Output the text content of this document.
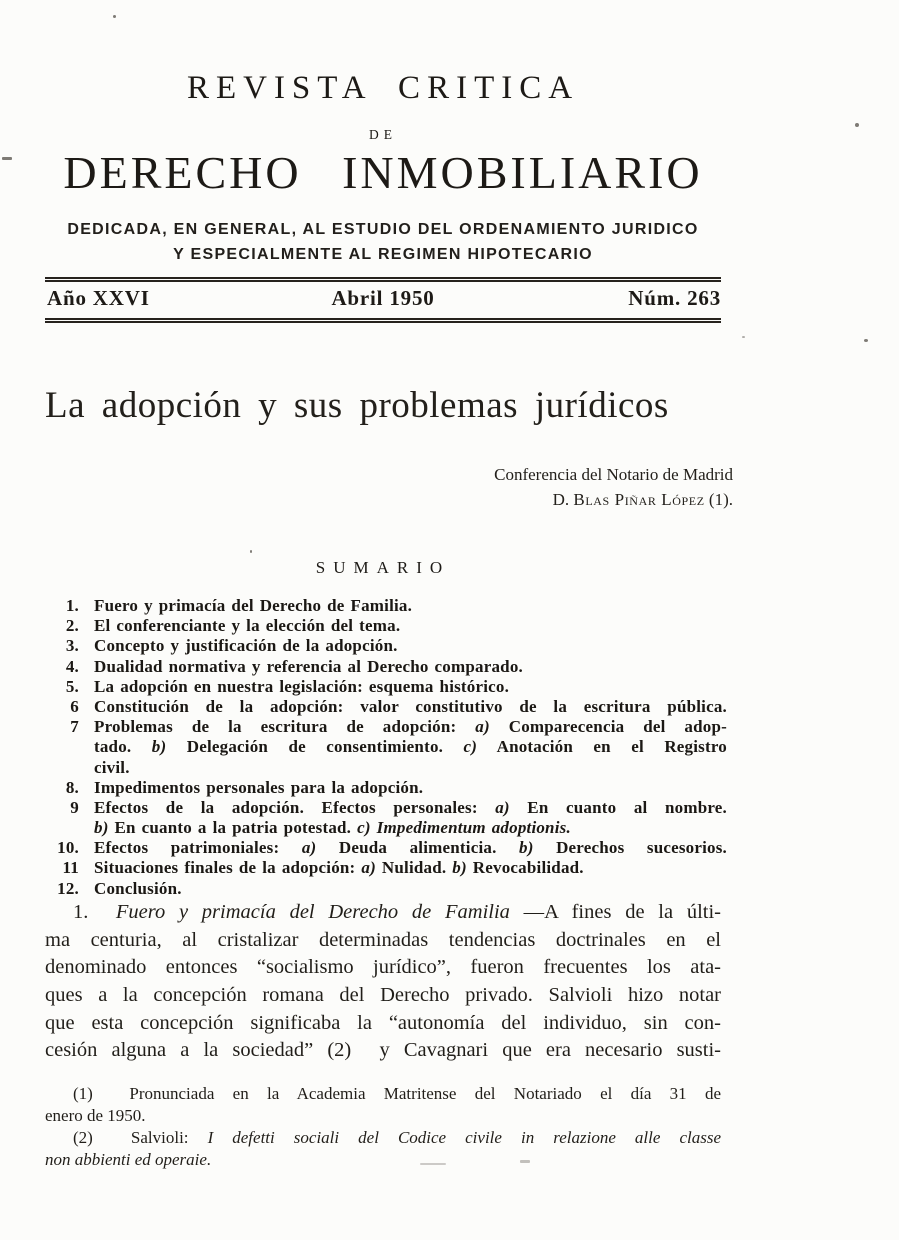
REVISTA CRITICA
DE
DERECHO INMOBILIARIO
DEDICADA, EN GENERAL, AL ESTUDIO DEL ORDENAMIENTO JURIDICO
Y ESPECIALMENTE AL REGIMEN HIPOTECARIO
Año XXVI	Abril 1950	Núm. 263
La adopción y sus problemas jurídicos
Conferencia del Notario de Madrid
D. Blas Piñar López (1).
SUMARIO
1. Fuero y primacía del Derecho de Familia.
2. El conferenciante y la elección del tema.
3. Concepto y justificación de la adopción.
4. Dualidad normativa y referencia al Derecho comparado.
5. La adopción en nuestra legislación: esquema histórico.
6 Constitución de la adopción: valor constitutivo de la escritura pública.
7 Problemas de la escritura de adopción: a) Comparecencia del adop-
tado. b) Delegación de consentimiento. c) Anotación en el Registro
civil.
8. Impedimentos personales para la adopción.
9 Efectos de la adopción. Efectos personales: a) En cuanto al nombre.
b) En cuanto a la patria potestad. c) Impedimentum adoptionis.
10. Efectos patrimoniales: a) Deuda alimenticia. b) Derechos sucesorios.
11 Situaciones finales de la adopción: a) Nulidad. b) Revocabilidad.
12. Conclusión.
1.  Fuero y primacía del Derecho de Familia —A fines de la últi-
ma centuria, al cristalizar determinadas tendencias doctrinales en el
denominado entonces “socialismo jurídico”, fueron frecuentes los ata-
ques a la concepción romana del Derecho privado. Salvioli hizo notar
que esta concepción significaba la “autonomía del individuo, sin con-
cesión alguna a la sociedad” (2)  y Cavagnari que era necesario susti-
(1)  Pronunciada en la Academia Matritense del Notariado el día 31 de
enero de 1950.
(2)  Salvioli: I defetti sociali del Codice civile in relazione alle classe
non abbienti ed operaie.
